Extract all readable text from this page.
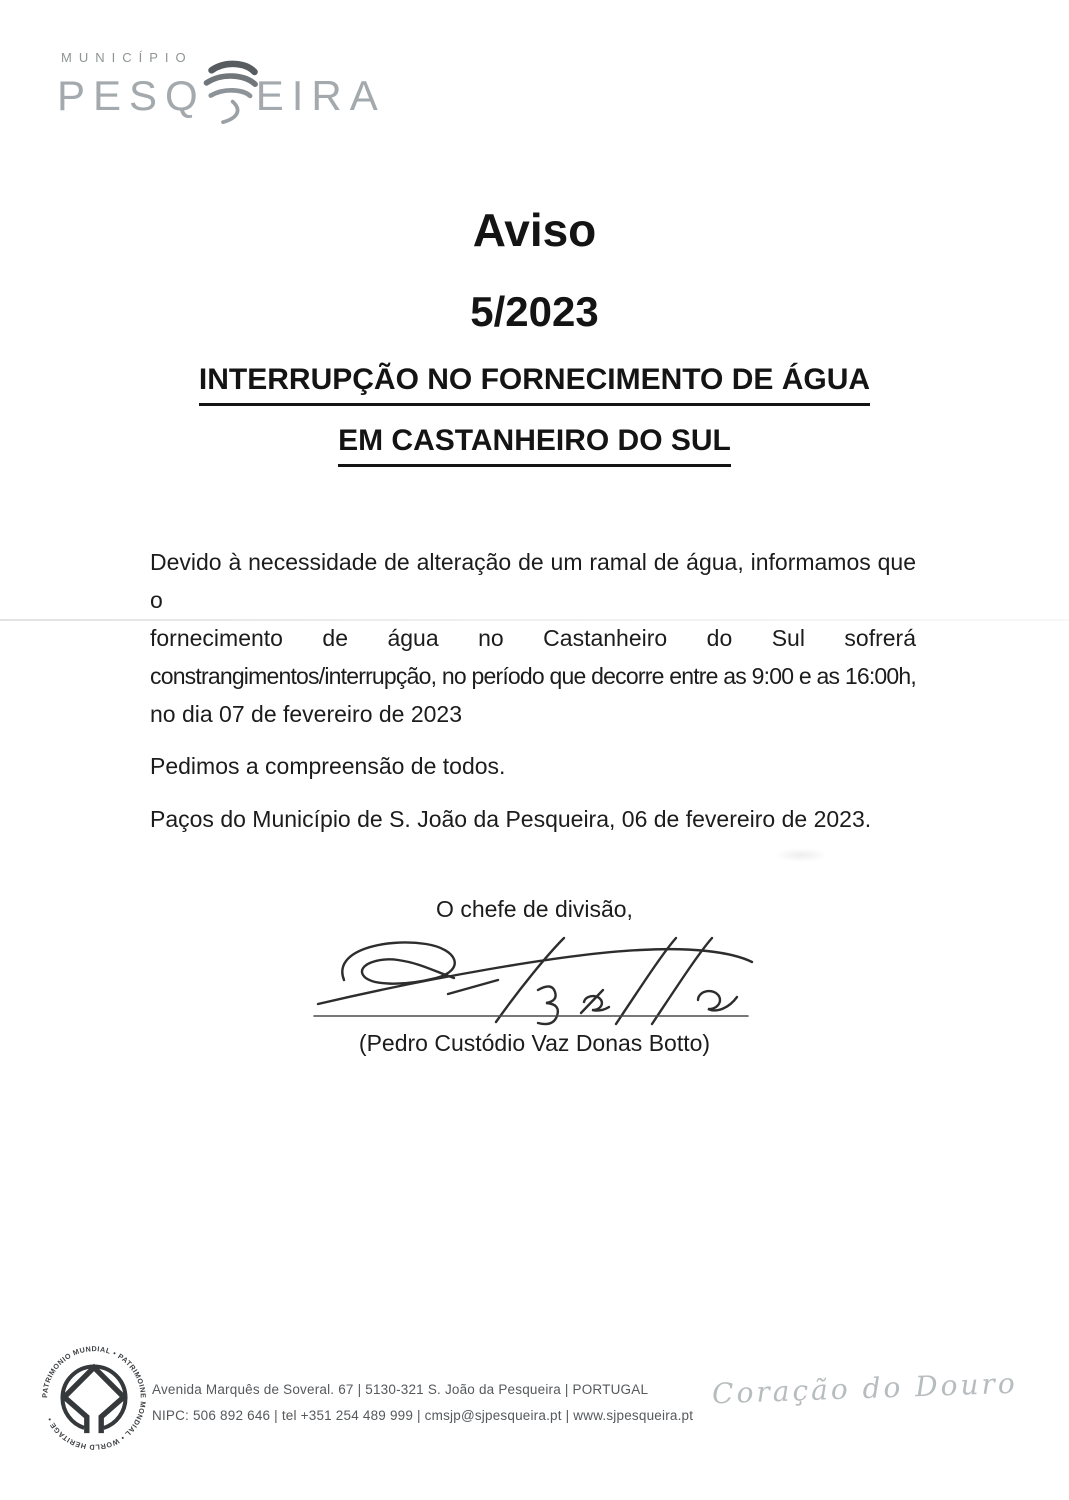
MUNICÍPIO
PESQ EIRA
Aviso
5/2023
INTERRUPÇÃO NO FORNECIMENTO DE ÁGUA
EM CASTANHEIRO DO SUL
Devido à necessidade de alteração de um ramal de água, informamos que o
fornecimento de água no Castanheiro do Sul sofrerá
constrangimentos/interrupção, no período que decorre entre as 9:00 e as 16:00h,
no dia 07 de fevereiro de 2023
Pedimos a compreensão de todos.
Paços do Município de S. João da Pesqueira, 06 de fevereiro de 2023.
O chefe de divisão,
(Pedro Custódio Vaz Donas Botto)
PATRIMONIO MUNDIAL • PATRIMOINE MONDIAL • WORLD HERITAGE •
Avenida Marquês de Soveral. 67 | 5130-321 S. João da Pesqueira | PORTUGAL
NIPC: 506 892 646 | tel +351 254 489 999 | cmsjp@sjpesqueira.pt | www.sjpesqueira.pt
Coração do Douro
